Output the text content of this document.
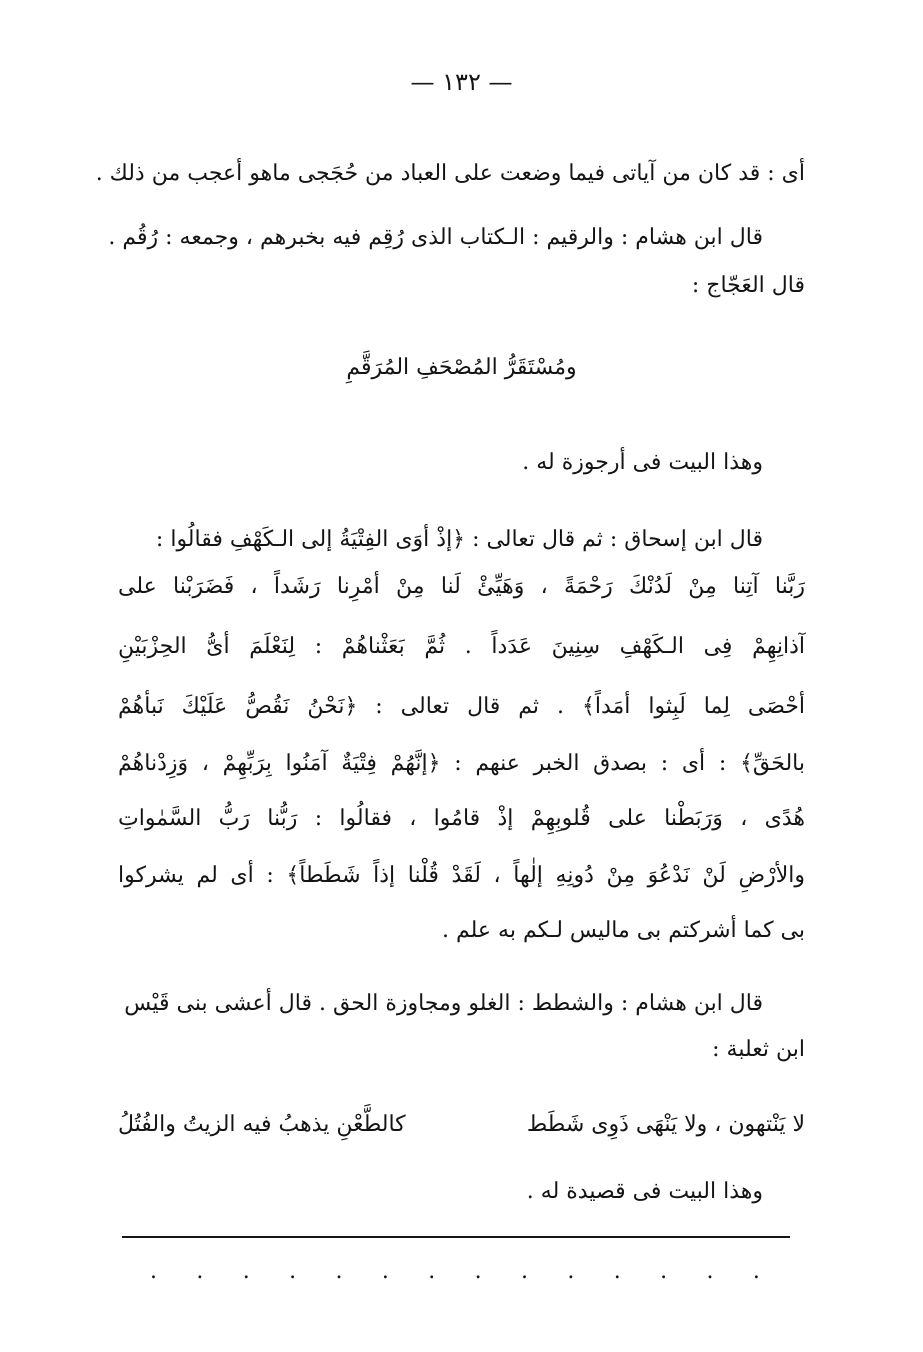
— ١٣٢ —
أى : قد كان من آياتى فيما وضعت على العباد من حُجَجى ماهو أعجب من ذلك .
قال ابن هشام : والرقيم : الـكتاب الذى رُقِم فيه بخبرهم ، وجمعه : رُقُم .
قال العَجّاج :
ومُسْتَقَرُّ المُصْحَفِ المُرَقَّمِ
وهذا البيت فى أرجوزة له .
قال ابن إسحاق : ثم قال تعالى : ﴿إذْ أوَى الفِتْيَةُ إلى الـكَهْفِ فقالُوا :
رَبَّنا آتِنا مِنْ لَدُنْكَ رَحْمَةً ، وَهَيِّئْ لَنا مِنْ أمْرِنا رَشَداً ، فَضَرَبْنا على
آذانِهِمْ فِى الـكَهْفِ سِنِينَ عَدَداً . ثُمَّ بَعَثْناهُمْ : لِنَعْلَمَ أىُّ الحِزْبَيْنِ
أحْصَى لِما لَبِثوا أمَداً﴾ . ثم قال تعالى : ﴿نَحْنُ نَقُصُّ عَلَيْكَ نَبأهُمْ
بالحَقِّ﴾ : أى : بصدق الخبر عنهم : ﴿إنَّهُمْ فِتْيَةٌ آمَنُوا بِرَبِّهِمْ ، وَزِدْناهُمْ
هُدًى ، وَرَبَطْنا على قُلوبِهِمْ إذْ قامُوا ، فقالُوا : رَبُّنا رَبُّ السَّمٰواتِ
والأرْضِ لَنْ نَدْعُوَ مِنْ دُونِهِ إلٰهاً ، لَقَدْ قُلْنا إذاً شَطَطاً﴾ : أى لم يشركوا
بى كما أشركتم بى ماليس لـكم به علم .
قال ابن هشام : والشطط : الغلو ومجاوزة الحق . قال أعشى بنى قَيْس
ابن ثعلبة :
لا يَنْتهون ، ولا يَنْهَى ذَوِى شَطَط
كالطَّعْنِ يذهبُ فيه الزيتُ والفُتُلُ
وهذا البيت فى قصيدة له .
. . . . . . . . . . . . . .
